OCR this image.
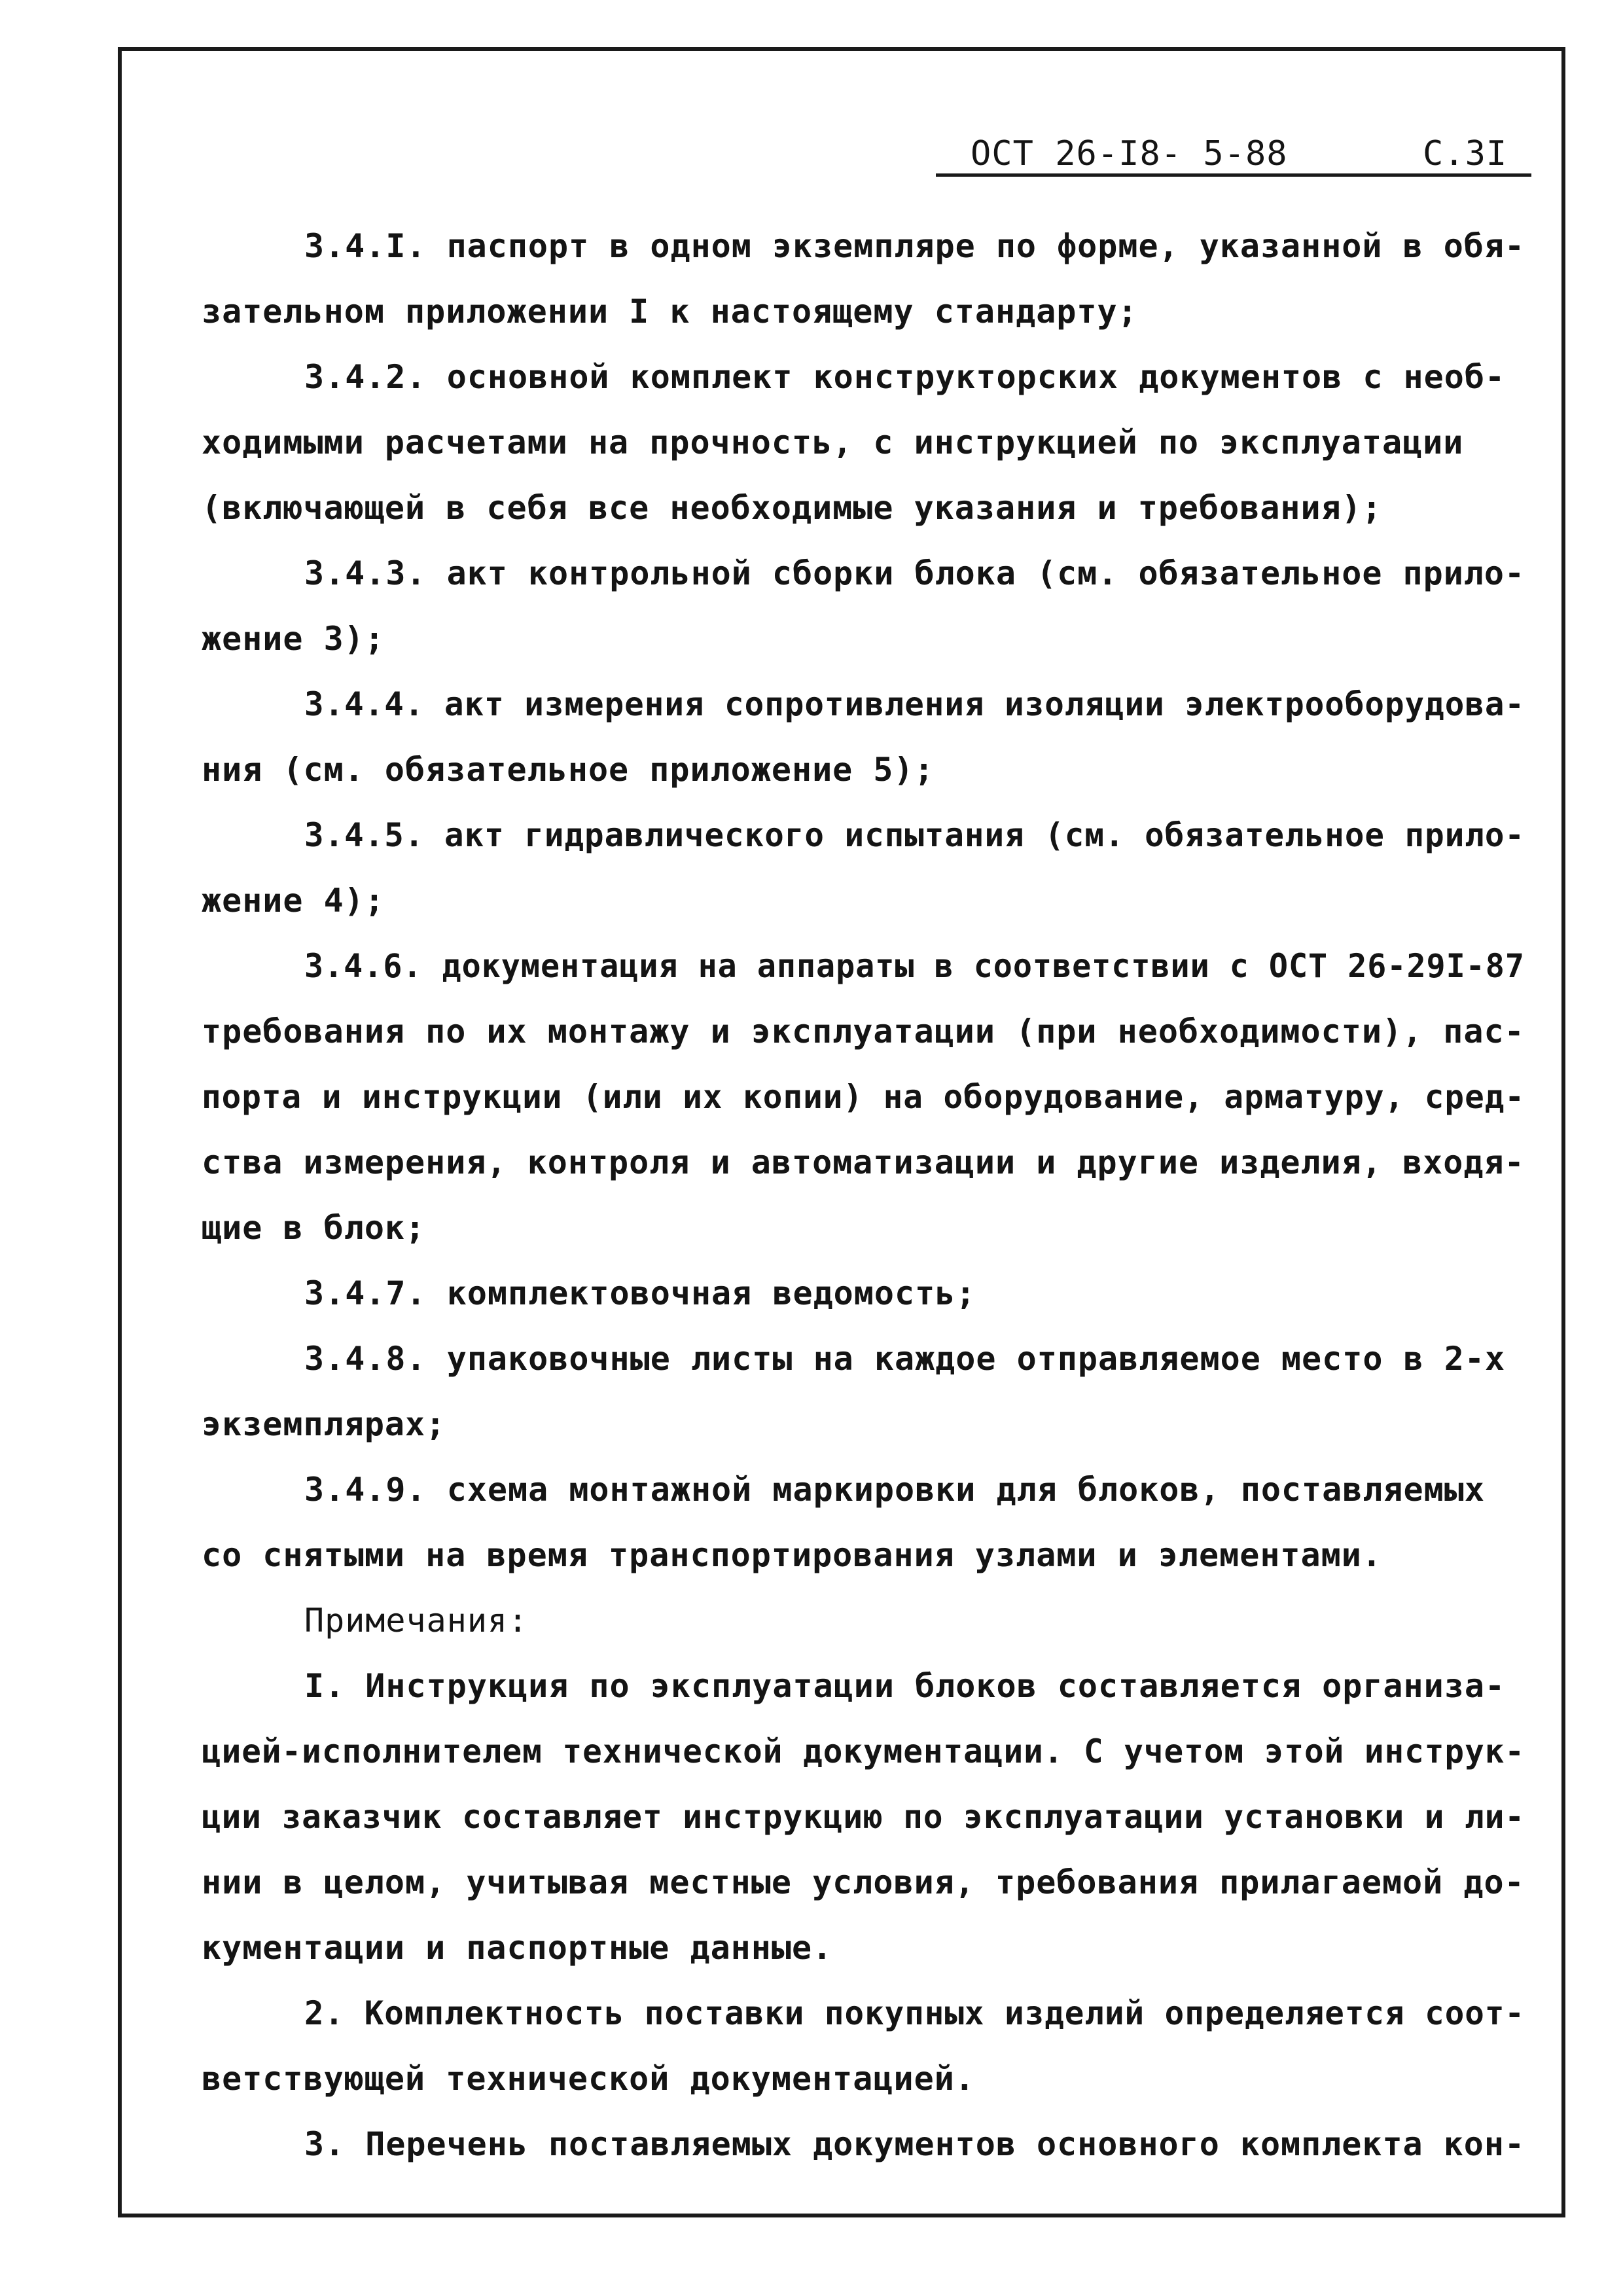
ОСТ 26-I8- 5-88	С.3I
3.4.I. паспорт в одном экземпляре по форме, указанной в обя-
зательном приложении I к настоящему стандарту;
3.4.2. основной комплект конструкторских документов с необ-
ходимыми расчетами на прочность, с инструкцией по эксплуатации
(включающей в себя все необходимые указания и требования);
3.4.3. акт контрольной сборки блока (см. обязательное прило-
жение 3);
3.4.4. акт измерения сопротивления изоляции электрооборудова-
ния (см. обязательное приложение 5);
3.4.5. акт гидравлического испытания (см. обязательное прило-
жение 4);
3.4.6. документация на аппараты в соответствии с ОСТ 26-29I-87
требования по их монтажу и эксплуатации (при необходимости), пас-
порта и инструкции (или их копии) на оборудование, арматуру, сред-
ства измерения, контроля и автоматизации и другие изделия, входя-
щие в блок;
3.4.7. комплектовочная ведомость;
3.4.8. упаковочные листы на каждое отправляемое место в 2-х
экземплярах;
3.4.9. схема монтажной маркировки для блоков, поставляемых
со снятыми на время транспортирования узлами и элементами.
Примечания:
I. Инструкция по эксплуатации блоков составляется организа-
цией-исполнителем технической документации. С учетом этой инструк-
ции заказчик составляет инструкцию по эксплуатации установки и ли-
нии в целом, учитывая местные условия, требования прилагаемой до-
кументации и паспортные данные.
2. Комплектность поставки покупных изделий определяется соот-
ветствующей технической документацией.
3. Перечень поставляемых документов основного комплекта кон-
